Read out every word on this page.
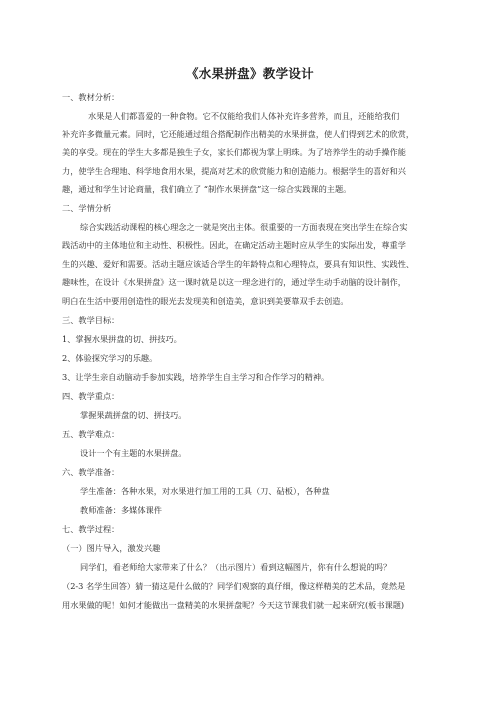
《水果拼盘》教学设计
一、教材分析：
水果是人们都喜爱的一种食物。它不仅能给我们人体补充许多营养，而且，还能给我们
补充许多微量元素。同时，它还能通过组合搭配制作出精美的水果拼盘，使人们得到艺术的欣赏，
美的享受。现在的学生大多都是独生子女，家长们都视为掌上明珠。为了培养学生的动手操作能
力，使学生合理地、科学地食用水果，提高对艺术的欣赏能力和创造能力。根据学生的喜好和兴
趣，通过和学生讨论商量，我们确立了 “制作水果拼盘”这一综合实践课的主题。
二、学情分析
综合实践活动课程的核心理念之一就是突出主体。很重要的一方面表现在突出学生在综合实
践活动中的主体地位和主动性、积极性。因此，在确定活动主题时应从学生的实际出发，尊重学
生的兴趣、爱好和需要。活动主题应该适合学生的年龄特点和心理特点，要具有知识性、实践性、
趣味性，在设计《水果拼盘》这一课时就是以这一理念进行的，通过学生动手动脑的设计制作，
明白在生活中要用创造性的眼光去发现美和创造美，意识到美要靠双手去创造。
三、教学目标：
1、掌握水果拼盘的切、拼技巧。
2、体验探究学习的乐趣。
3、让学生亲自动脑动手参加实践，培养学生自主学习和合作学习的精神。
四、教学重点：
掌握果蔬拼盘的切、拼技巧。
五、教学难点：
设计一个有主题的水果拼盘。
六、教学准备：
学生准备：各种水果，对水果进行加工用的工具（刀、砧板），各种盘
教师准备：多媒体课件
七、教学过程：
（一）图片导入，激发兴趣
同学们，看老师给大家带来了什么？（出示图片）看到这幅图片，你有什么想说的吗？
（2-3 名学生回答）猜一猜这是什么做的？同学们观察的真仔细，像这样精美的艺术品，竟然是
用水果做的呢！如何才能做出一盘精美的水果拼盘呢？今天这节课我们就一起来研究(板书课题)
